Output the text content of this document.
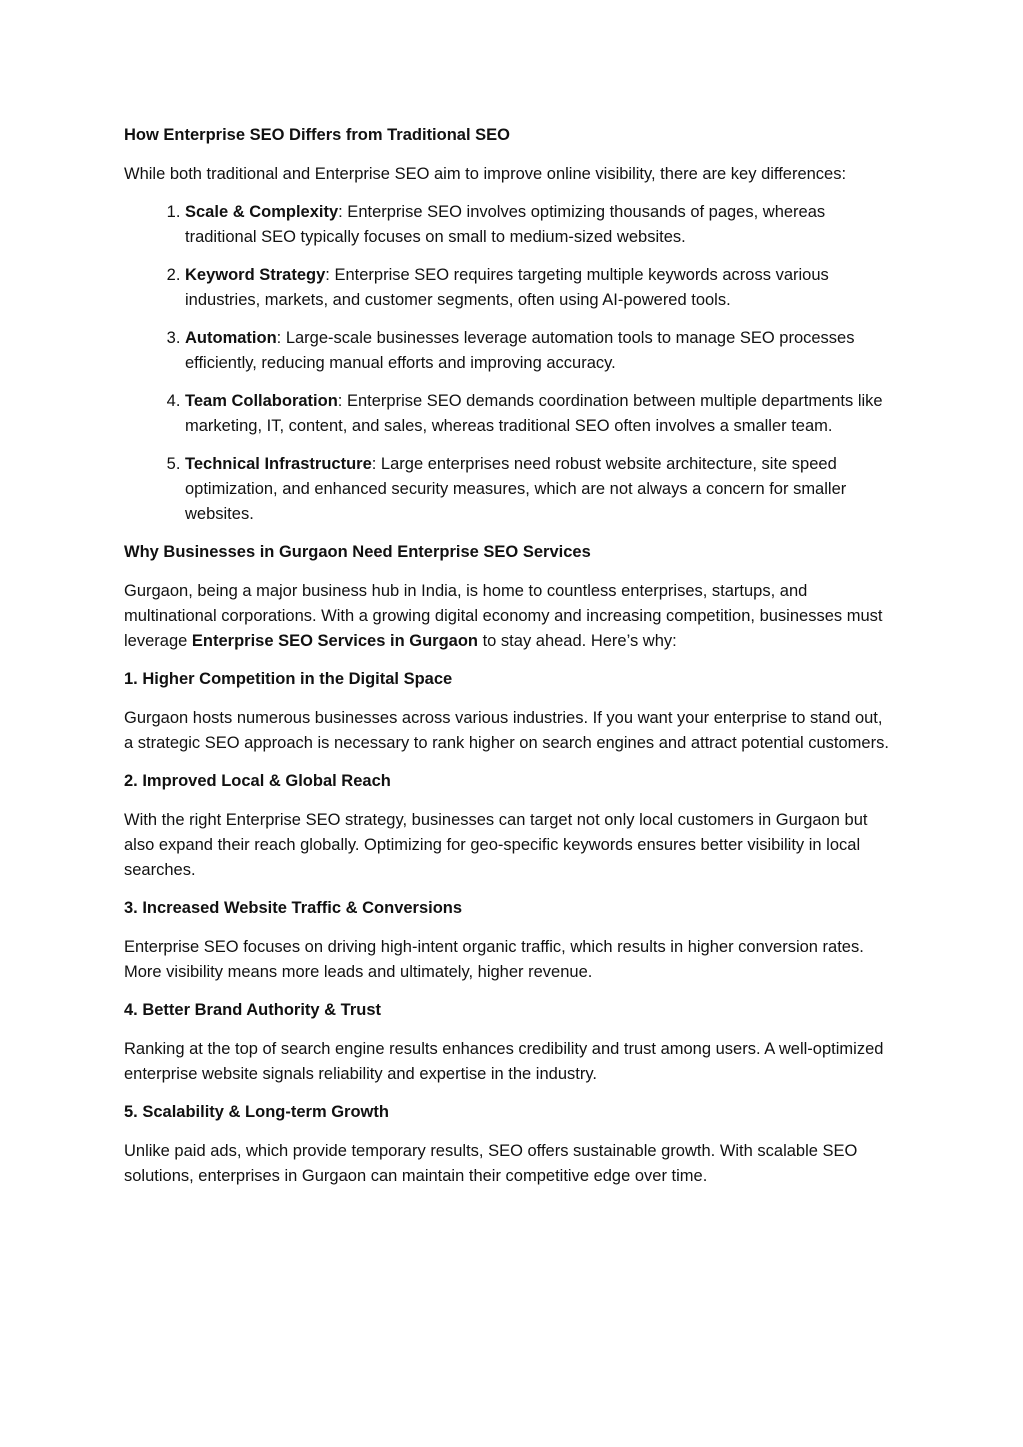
How Enterprise SEO Differs from Traditional SEO

While both traditional and Enterprise SEO aim to improve online visibility, there are key differences:

1. Scale & Complexity: Enterprise SEO involves optimizing thousands of pages, whereas traditional SEO typically focuses on small to medium-sized websites.
2. Keyword Strategy: Enterprise SEO requires targeting multiple keywords across various industries, markets, and customer segments, often using AI-powered tools.
3. Automation: Large-scale businesses leverage automation tools to manage SEO processes efficiently, reducing manual efforts and improving accuracy.
4. Team Collaboration: Enterprise SEO demands coordination between multiple departments like marketing, IT, content, and sales, whereas traditional SEO often involves a smaller team.
5. Technical Infrastructure: Large enterprises need robust website architecture, site speed optimization, and enhanced security measures, which are not always a concern for smaller websites.
Why Businesses in Gurgaon Need Enterprise SEO Services

Gurgaon, being a major business hub in India, is home to countless enterprises, startups, and multinational corporations. With a growing digital economy and increasing competition, businesses must leverage Enterprise SEO Services in Gurgaon to stay ahead. Here’s why:

1. Higher Competition in the Digital Space

Gurgaon hosts numerous businesses across various industries. If you want your enterprise to stand out, a strategic SEO approach is necessary to rank higher on search engines and attract potential customers.

2. Improved Local & Global Reach

With the right Enterprise SEO strategy, businesses can target not only local customers in Gurgaon but also expand their reach globally. Optimizing for geo-specific keywords ensures better visibility in local searches.

3. Increased Website Traffic & Conversions

Enterprise SEO focuses on driving high-intent organic traffic, which results in higher conversion rates. More visibility means more leads and ultimately, higher revenue.

4. Better Brand Authority & Trust

Ranking at the top of search engine results enhances credibility and trust among users. A well-optimized enterprise website signals reliability and expertise in the industry.

5. Scalability & Long-term Growth

Unlike paid ads, which provide temporary results, SEO offers sustainable growth. With scalable SEO solutions, enterprises in Gurgaon can maintain their competitive edge over time.
